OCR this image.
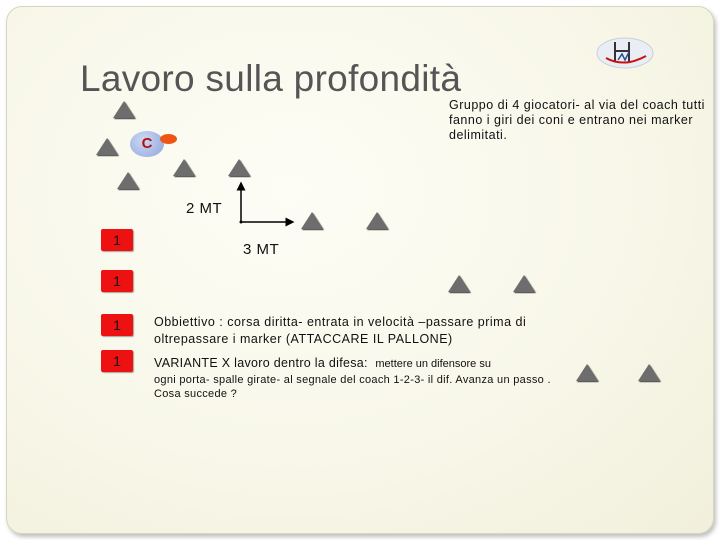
Lavoro sulla profondità
Gruppo di 4 giocatori- al via del coach tutti fanno i giri dei coni e entrano nei marker delimitati.
C
2 MT
3 MT
1
1
1
1
Obbiettivo : corsa diritta- entrata in velocità –passare prima di oltrepassare i marker (ATTACCARE IL PALLONE)
VARIANTE X lavoro dentro la difesa: mettere un difensore su
ogni porta- spalle girate- al segnale del coach 1-2-3- il dif. Avanza un passo . Cosa succede ?
